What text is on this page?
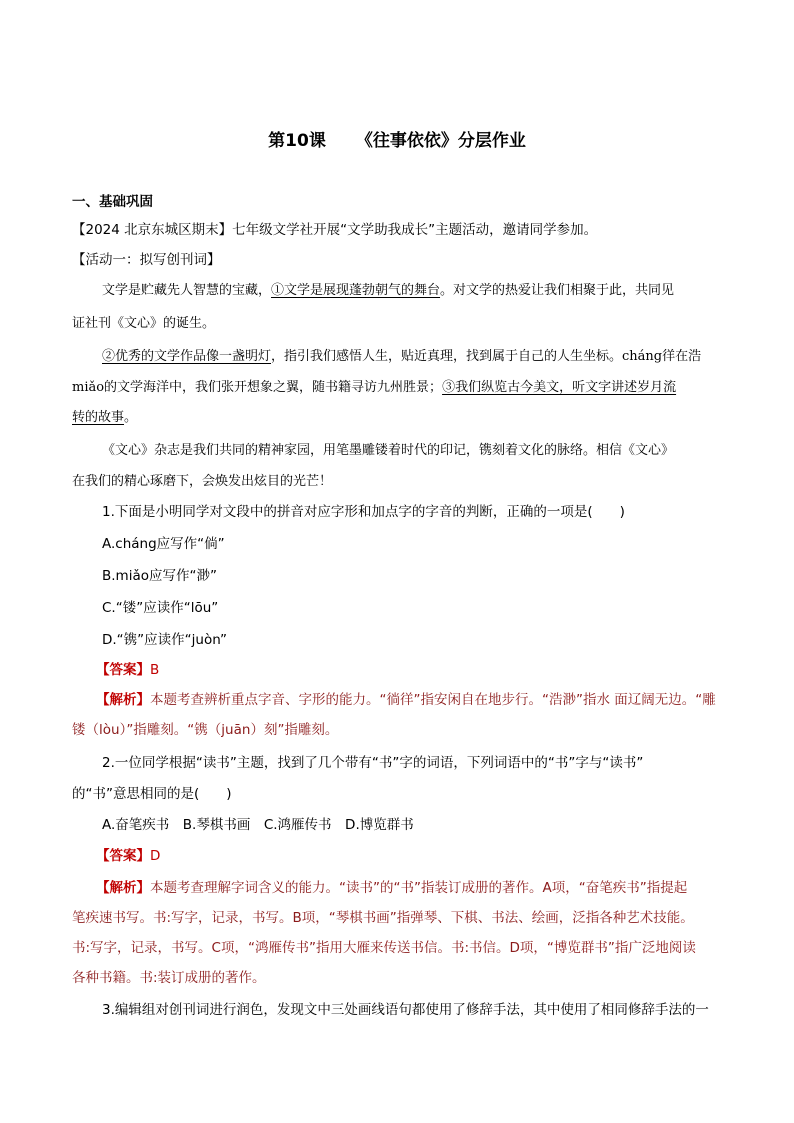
第10课 《往事依依》分层作业
一、基础巩固
【2024 北京东城区期末】七年级文学社开展“文学助我成长”主题活动，邀请同学参加。
【活动一：拟写创刊词】
文学是贮藏先人智慧的宝藏，①文学是展现蓬勃朝气的舞台。对文学的热爱让我们相聚于此，共同见
证社刊《文心》的诞生。
②优秀的文学作品像一盏明灯，指引我们感悟人生，贴近真理，找到属于自己的人生坐标。cháng徉在浩
miǎo的文学海洋中，我们张开想象之翼，随书籍寻访九州胜景；③我们纵览古今美文，听文字讲述岁月流
转的故事。
《文心》杂志是我们共同的精神家园，用笔墨雕镂着时代的印记，镌刻着文化的脉络。相信《文心》
在我们的精心琢磨下，会焕发出炫目的光芒！
1.下面是小明同学对文段中的拼音对应字形和加点字的字音的判断，正确的一项是(　　)
A.cháng应写作“倘”
B.miǎo应写作“渺”
C.“镂”应读作“lōu”
D.“镌”应读作“juòn”
【答案】B
【解析】本题考查辨析重点字音、字形的能力。“徜徉”指安闲自在地步行。“浩渺”指水 面辽阔无边。“雕
镂（lòu）”指雕刻。“镌（juān）刻”指雕刻。
2.一位同学根据“读书”主题，找到了几个带有“书”字的词语，下列词语中的“书”字与“读书”
的“书”意思相同的是(　　)
A.奋笔疾书　B.琴棋书画　C.鸿雁传书　D.博览群书
【答案】D
【解析】本题考查理解字词含义的能力。“读书”的“书”指装订成册的著作。A项，“奋笔疾书”指提起
笔疾速书写。书:写字，记录，书写。B项，“琴棋书画”指弹琴、下棋、书法、绘画，泛指各种艺术技能。
书:写字，记录，书写。C项，“鸿雁传书”指用大雁来传送书信。书:书信。D项，“博览群书”指广泛地阅读
各种书籍。书:装订成册的著作。
3.编辑组对创刊词进行润色，发现文中三处画线语句都使用了修辞手法，其中使用了相同修辞手法的一
